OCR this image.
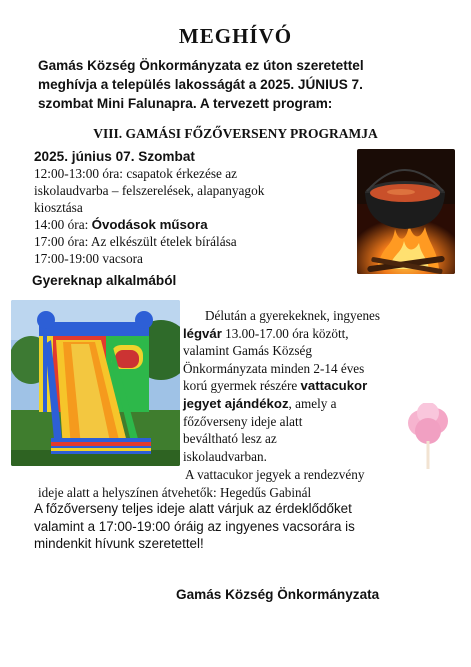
MEGHÍVÓ
Gamás Község Önkormányzata ez úton szeretettel
meghívja a település lakosságát a 2025. JÚNIUS 7.
szombat Mini Falunapra. A tervezett program:
VIII. GAMÁSI FŐZŐVERSENY PROGRAMJA
2025. június 07. Szombat
12:00-13:00 óra: csapatok érkezése az
iskolaudvarba – felszerelések, alapanyagok
kiosztása
14:00 óra: Óvodások műsora
17:00 óra: Az elkészült ételek bírálása
17:00-19:00 vacsora
Gyereknap alkalmából
Délután a gyerekeknek, ingyenes
légvár 13.00-17.00 óra között,
valamint Gamás Község
Önkormányzata minden 2-14 éves
korú gyermek részére vattacukor
jegyet ajándékoz, amely a
főzőverseny ideje alatt
beváltható lesz az
iskolaudvarban.
A vattacukor jegyek a rendezvény
ideje alatt a helyszínen átvehetők: Hegedűs Gabinál
A főzőverseny teljes ideje alatt várjuk az érdeklődőket
valamint a 17:00-19:00 óráig az ingyenes vacsorára is
mindenkit hívunk szeretettel!
Gamás Község Önkormányzata
